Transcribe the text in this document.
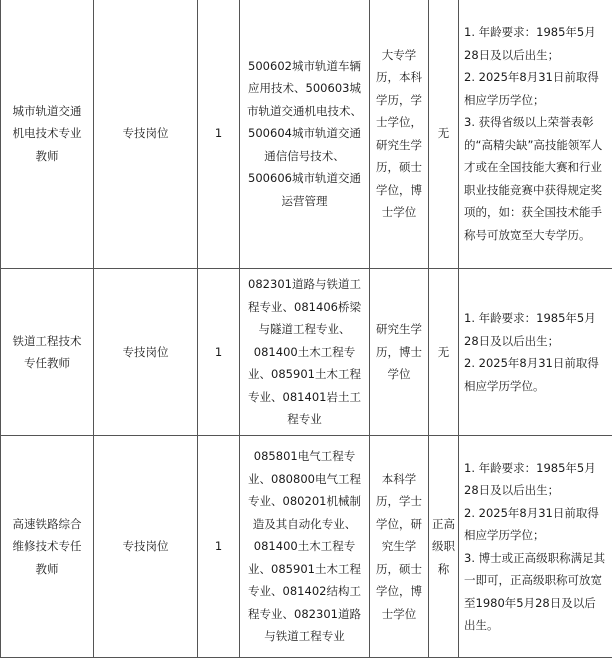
城市轨道交通机电技术专业教师	专技岗位	1	500602城市轨道车辆应用技术、500603城市轨道交通机电技术、500604城市轨道交通通信信号技术、500606城市轨道交通运营管理	大专学历，本科学历，学士学位，研究生学历，硕士学位，博士学位	无	1. 年龄要求：1985年5月28日及以后出生；
2. 2025年8月31日前取得相应学历学位；
3. 获得省级以上荣誉表彰的“高精尖缺”高技能领军人才或在全国技能大赛和行业职业技能竞赛中获得规定奖项的，如：获全国技术能手称号可放宽至大专学历。

铁道工程技术专任教师	专技岗位	1	082301道路与铁道工程专业、081406桥梁与隧道工程专业、081400土木工程专业、085901土木工程专业、081401岩土工程专业	研究生学历，博士学位	无	1. 年龄要求：1985年5月28日及以后出生；
2. 2025年8月31日前取得相应学历学位。

高速铁路综合维修技术专任教师	专技岗位	1	085801电气工程专业、080800电气工程专业、080201机械制造及其自动化专业、081400土木工程专业、085901土木工程专业、081402结构工程专业、082301道路与铁道工程专业	本科学历，学士学位，研究生学历，硕士学位，博士学位	正高级职称	1. 年龄要求：1985年5月28日及以后出生；
2. 2025年8月31日前取得相应学历学位；
3. 博士或正高级职称满足其一即可，正高级职称可放宽至1980年5月28日及以后出生。
